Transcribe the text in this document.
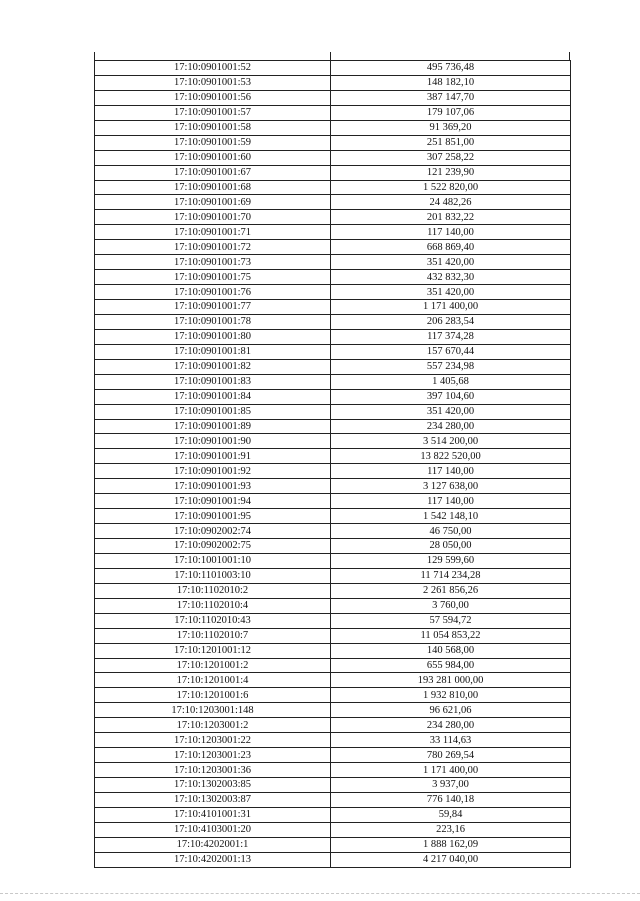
17:10:0901001:52	495 736,48
17:10:0901001:53	148 182,10
17:10:0901001:56	387 147,70
17:10:0901001:57	179 107,06
17:10:0901001:58	91 369,20
17:10:0901001:59	251 851,00
17:10:0901001:60	307 258,22
17:10:0901001:67	121 239,90
17:10:0901001:68	1 522 820,00
17:10:0901001:69	24 482,26
17:10:0901001:70	201 832,22
17:10:0901001:71	117 140,00
17:10:0901001:72	668 869,40
17:10:0901001:73	351 420,00
17:10:0901001:75	432 832,30
17:10:0901001:76	351 420,00
17:10:0901001:77	1 171 400,00
17:10:0901001:78	206 283,54
17:10:0901001:80	117 374,28
17:10:0901001:81	157 670,44
17:10:0901001:82	557 234,98
17:10:0901001:83	1 405,68
17:10:0901001:84	397 104,60
17:10:0901001:85	351 420,00
17:10:0901001:89	234 280,00
17:10:0901001:90	3 514 200,00
17:10:0901001:91	13 822 520,00
17:10:0901001:92	117 140,00
17:10:0901001:93	3 127 638,00
17:10:0901001:94	117 140,00
17:10:0901001:95	1 542 148,10
17:10:0902002:74	46 750,00
17:10:0902002:75	28 050,00
17:10:1001001:10	129 599,60
17:10:1101003:10	11 714 234,28
17:10:1102010:2	2 261 856,26
17:10:1102010:4	3 760,00
17:10:1102010:43	57 594,72
17:10:1102010:7	11 054 853,22
17:10:1201001:12	140 568,00
17:10:1201001:2	655 984,00
17:10:1201001:4	193 281 000,00
17:10:1201001:6	1 932 810,00
17:10:1203001:148	96 621,06
17:10:1203001:2	234 280,00
17:10:1203001:22	33 114,63
17:10:1203001:23	780 269,54
17:10:1203001:36	1 171 400,00
17:10:1302003:85	3 937,00
17:10:1302003:87	776 140,18
17:10:4101001:31	59,84
17:10:4103001:20	223,16
17:10:4202001:1	1 888 162,09
17:10:4202001:13	4 217 040,00
